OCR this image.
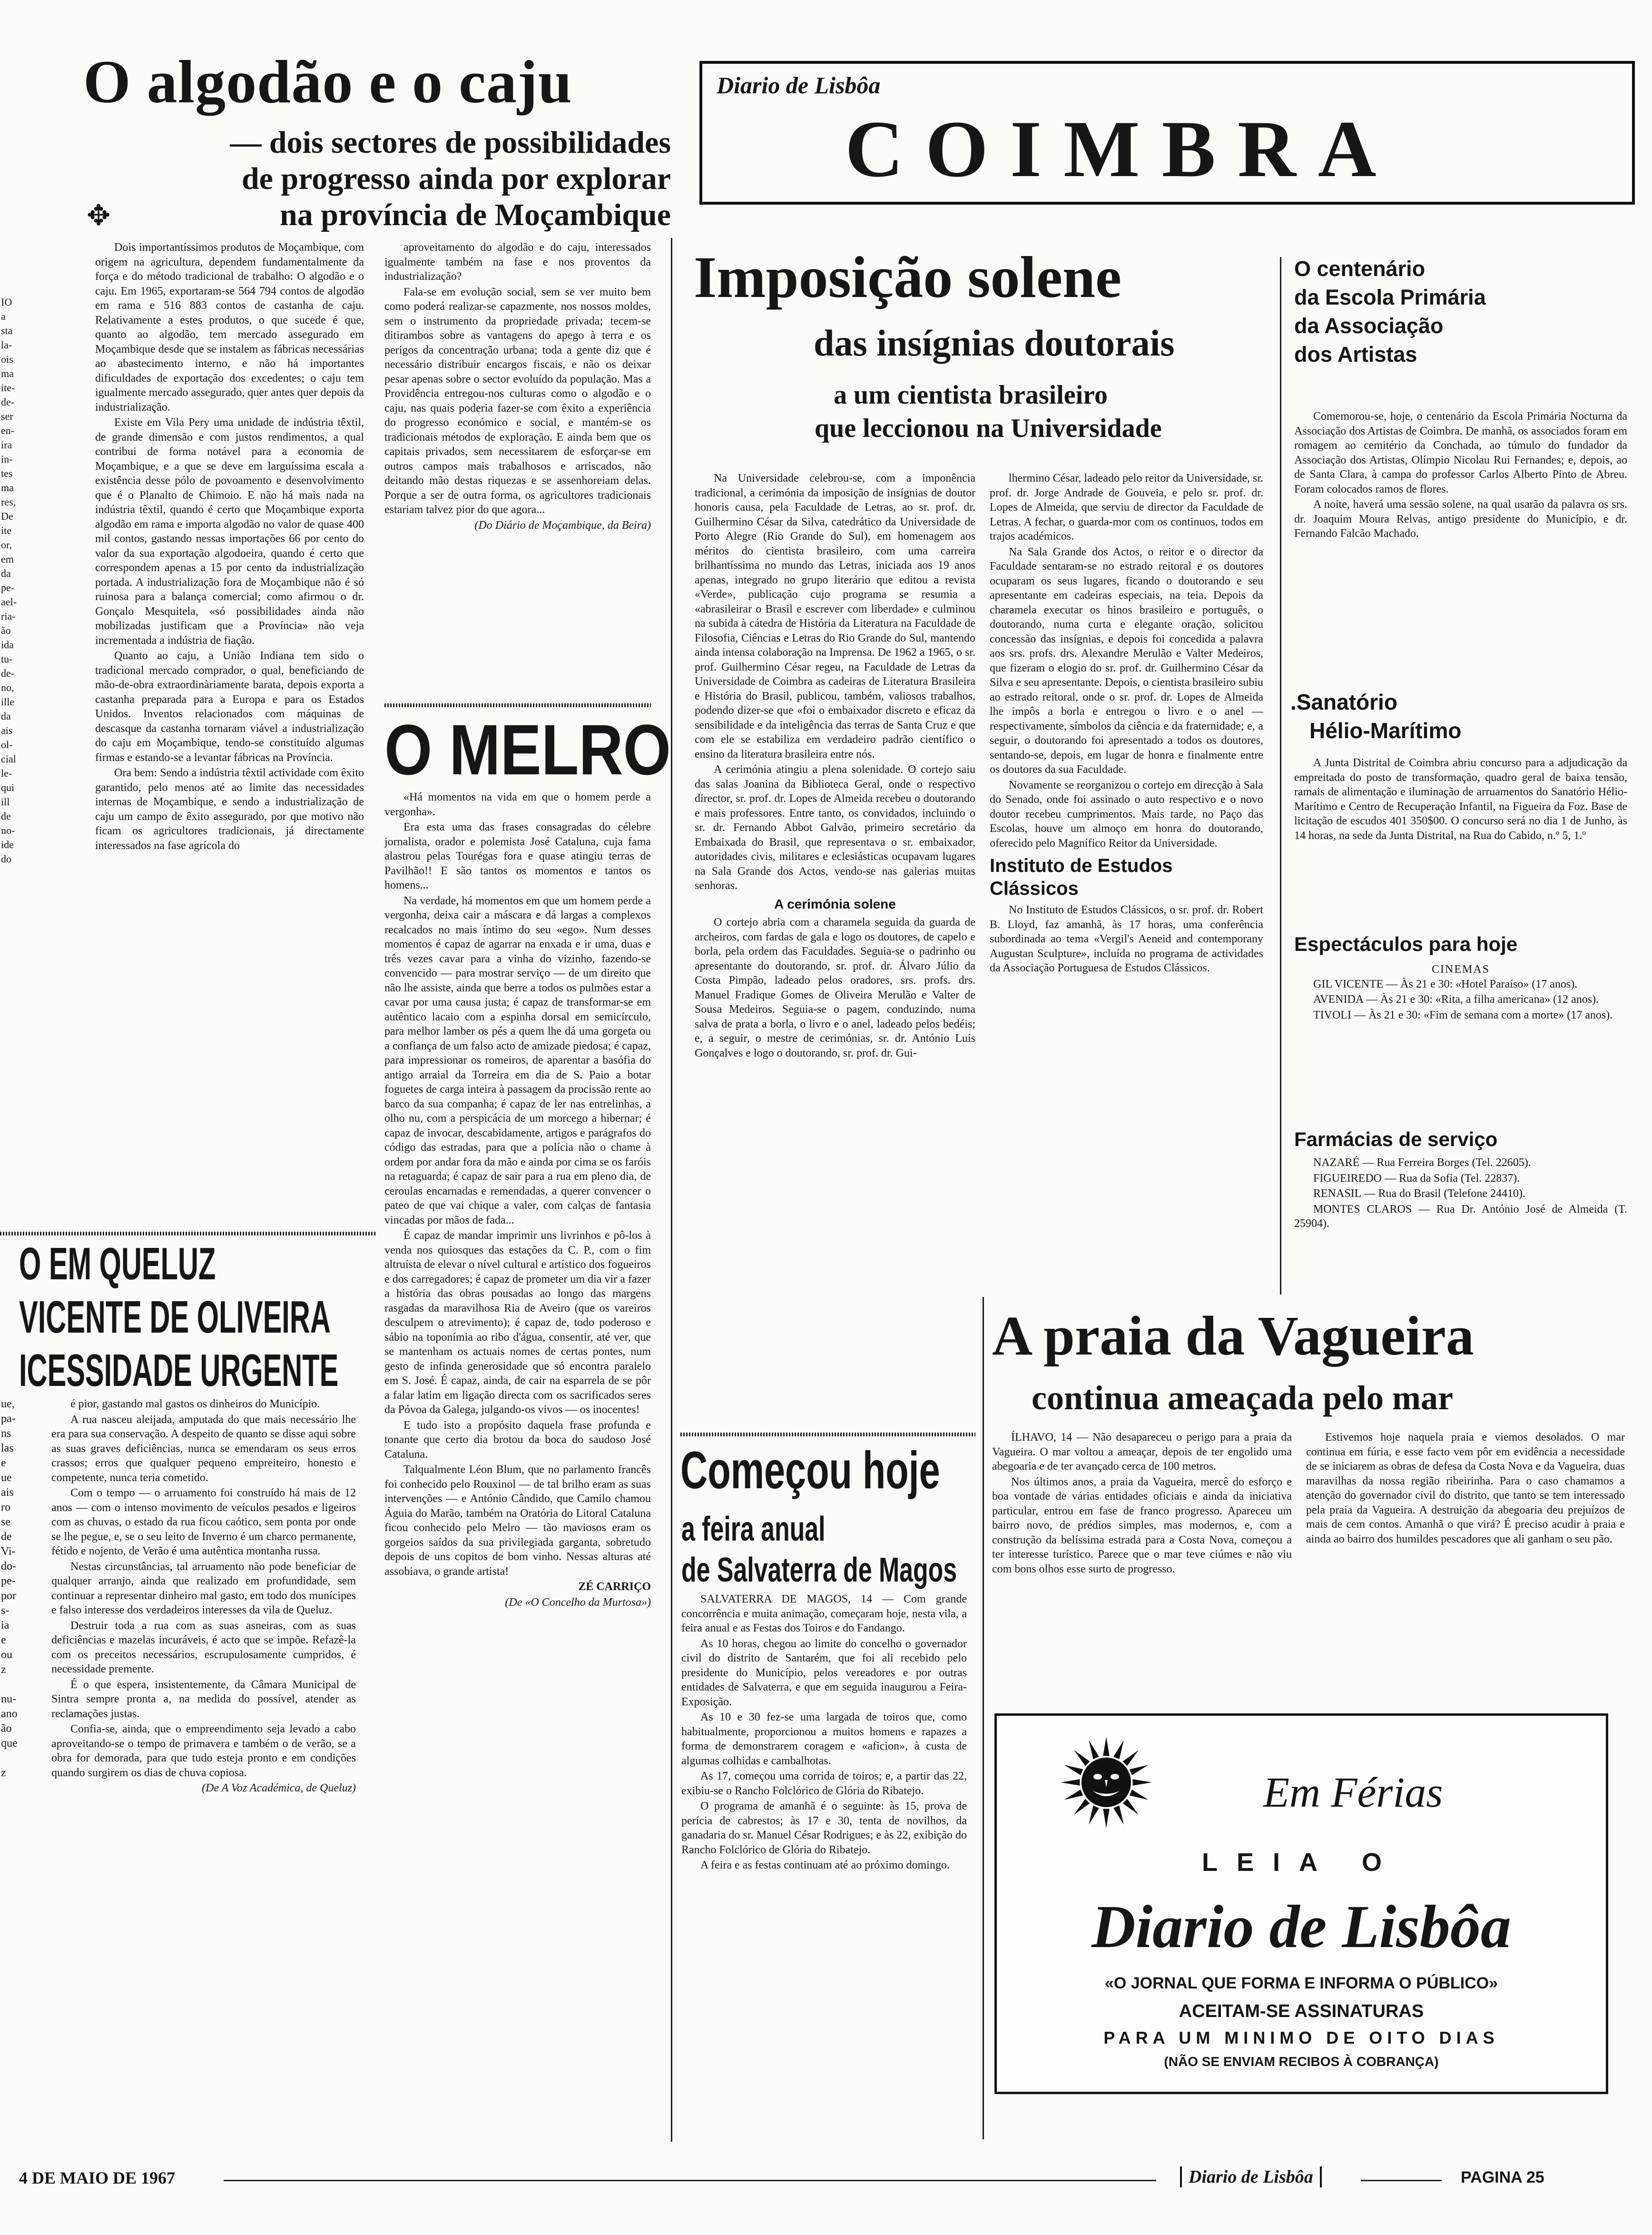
IO
a
sta
la-
ois
ma
ite-
de-
ser
en-
ira
in-
tes
ma
res,
De
ite
or,
em
da
pe-
ael-
ria-
ão
ida
tu-
de-
no,
ille
da
ais
ol-
cial
le-
qui
ill
de
no-
ide
do
O algodão e o caju
— dois sectores de possibilidades
de progresso ainda por explorar
na província de Moçambique
✥

Dois importantíssimos produtos de Moçambique, com origem na agricultura, dependem fundamentalmente da força e do método tradicional de trabalho: O algodão e o caju. Em 1965, exportaram-se 564 794 contos de algodão em rama e 516 883 contos de castanha de caju. Relativamente a estes produtos, o que sucede é que, quanto ao algodão, tem mercado assegurado em Moçambique desde que se instalem as fábricas necessárias ao abastecimento interno, e não há importantes dificuldades de exportação dos excedentes; o caju tem igualmente mercado assegurado, quer antes quer depois da industrialização.

Existe em Vila Pery uma unidade de indústria têxtil, de grande dimensão e com justos rendimentos, a qual contribui de forma notável para a economia de Moçambique, e a que se deve em larguíssima escala a existência desse pólo de povoamento e desenvolvimento que é o Planalto de Chimoio. E não há mais nada na indústria têxtil, quando é certo que Moçambique exporta algodão em rama e importa algodão no valor de quase 400 mil contos, gastando nessas importações 66 por cento do valor da sua exportação algodoeira, quando é certo que correspondem apenas a 15 por cento da industrialização portada. A industrialização fora de Moçambique não é só ruinosa para a balança comercial; como afirmou o dr. Gonçalo Mesquitela, «só possibilidades ainda não mobilizadas justificam que a Província» não veja incrementada a indústria de fiação.

Quanto ao caju, a União Indiana tem sido o tradicional mercado comprador, o qual, beneficiando de mão-de-obra extraordinàriamente barata, depois exporta a castanha preparada para a Europa e para os Estados Unidos. Inventos relacionados com máquinas de descasque da castanha tornaram viável a industrialização do caju em Moçambique, tendo-se constituído algumas firmas e estando-se a levantar fábricas na Província.

Ora bem: Sendo a indústria têxtil actividade com êxito garantido, pelo menos até ao limite das necessidades internas de Moçambique, e sendo a industrialização de caju um campo de êxito assegurado, por que motivo não ficam os agricultores tradicionais, já directamente interessados na fase agrícola do

aproveitamento do algodão e do caju, interessados igualmente também na fase e nos proventos da industrialização?

Fala-se em evolução social, sem se ver muito bem como poderá realizar-se capazmente, nos nossos moldes, sem o instrumento da propriedade privada; tecem-se ditirambos sobre as vantagens do apego à terra e os perigos da concentração urbana; toda a gente diz que é necessário distribuir encargos fiscais, e não os deixar pesar apenas sobre o sector evoluído da população. Mas a Providência entregou-nos culturas como o algodão e o caju, nas quais poderia fazer-se com êxito a experiência do progresso económico e social, e mantém-se os tradicionais métodos de exploração. E ainda bem que os capitais privados, sem necessitarem de esforçar-se em outros campos mais trabalhosos e arriscados, não deitando mão destas riquezas e se assenhoreiam delas. Porque a ser de outra forma, os agricultores tradicionais estariam talvez pior do que agora...

(Do Diário de Moçambique, da Beira)

O MELRO

«Há momentos na vida em que o homem perde a vergonha».

Era esta uma das frases consagradas do célebre jornalista, orador e polemista José Cataluna, cuja fama alastrou pelas Tourégas fora e quase atingiu terras de Pavilhão!! E são tantos os momentos e tantos os homens...

Na verdade, há momentos em que um homem perde a vergonha, deixa cair a máscara e dá largas a complexos recalcados no mais íntimo do seu «ego». Num desses momentos é capaz de agarrar na enxada e ir uma, duas e três vezes cavar para a vinha do vizinho, fazendo-se convencido — para mostrar serviço — de um direito que não lhe assiste, ainda que berre a todos os pulmões estar a cavar por uma causa justa; é capaz de transformar-se em autêntico lacaio com a espinha dorsal em semicírculo, para melhor lamber os pés a quem lhe dá uma gorgeta ou a confiança de um falso acto de amizade piedosa; é capaz, para impressionar os romeiros, de aparentar a basófia do antigo arraial da Torreira em dia de S. Paio a botar foguetes de carga inteira à passagem da procissão rente ao barco da sua companha; é capaz de ler nas entrelinhas, a olho nu, com a perspicácia de um morcego a hibernar; é capaz de invocar, descabidamente, artigos e parágrafos do código das estradas, para que a polícia não o chame à ordem por andar fora da mão e ainda por cima se os faróis na retaguarda; é capaz de sair para a rua em pleno dia, de ceroulas encarnadas e remendadas, a querer convencer o pateo de que vai chique a valer, com calças de fantasia vincadas por mãos de fada...

É capaz de mandar imprimir uns livrinhos e pô-los à venda nos quiosques das estações da C. P., com o fim altruísta de elevar o nível cultural e artístico dos fogueiros e dos carregadores; é capaz de prometer um dia vir a fazer a história das obras pousadas ao longo das margens rasgadas da maravilhosa Ria de Aveiro (que os vareiros desculpem o atrevimento); é capaz de, todo poderoso e sábio na toponímia ao ribo d'água, consentir, até ver, que se mantenham os actuais nomes de certas pontes, num gesto de infinda generosidade que só encontra paralelo em S. José. É capaz, ainda, de cair na esparrela de se pôr a falar latim em ligação directa com os sacrificados seres da Póvoa da Galega, julgando-os vivos — os inocentes!

E tudo isto a propósito daquela frase profunda e tonante que certo dia brotou da boca do saudoso José Cataluna.

Talqualmente Léon Blum, que no parlamento francês foi conhecido pelo Rouxinol — de tal brilho eram as suas intervenções — e António Cândido, que Camilo chamou Águia do Marão, também na Oratória do Litoral Cataluna ficou conhecido pelo Melro — tão maviosos eram os gorgeios saídos da sua privilegiada garganta, sobretudo depois de uns copitos de bom vinho. Nessas alturas até assobiava, o grande artista!

ZÉ CARRIÇO

(De «O Concelho da Murtosa»)

O EM QUELUZ
VICENTE DE OLIVEIRA
ICESSIDADE URGENTE
ue,
pa-
ns
las
e
ue
ais
ro
se
de
Vi-
do-
pe-
por
s-
ia
e
ou
z

nu-
ano
ão
que

z

é pior, gastando mal gastos os dinheiros do Município.

A rua nasceu aleijada, amputada do que mais necessário lhe era para sua conservação. A despeito de quanto se disse aqui sobre as suas graves deficiências, nunca se emendaram os seus erros crassos; erros que qualquer pequeno empreiteiro, honesto e competente, nunca teria cometido.

Com o tempo — o arruamento foi construído há mais de 12 anos — com o intenso movimento de veículos pesados e ligeiros com as chuvas, o estado da rua ficou caótico, sem ponta por onde se lhe pegue, e, se o seu leito de Inverno é um charco permanente, fétido e nojento, de Verão é uma autêntica montanha russa.

Nestas circunstâncias, tal arruamento não pode beneficiar de qualquer arranjo, ainda que realizado em profundidade, sem continuar a representar dinheiro mal gasto, em todo dos munícipes e falso interesse dos verdadeiros interesses da vila de Queluz.

Destruir toda a rua com as suas asneiras, com as suas deficiências e mazelas incuráveis, é acto que se impõe. Refazê-la com os preceitos necessários, escrupulosamente cumpridos, é necessidade premente.

É o que espera, insistentemente, da Câmara Municipal de Sintra sempre pronta a, na medida do possível, atender as reclamações justas.

Confia-se, ainda, que o empreendimento seja levado a cabo aproveitando-se o tempo de primavera e também o de verão, se a obra for demorada, para que tudo esteja pronto e em condições quando surgirem os dias de chuva copiosa.

(De A Voz Académica, de Queluz)

Diario de Lisbôa
COIMBRA
Imposição solene
das insígnias doutorais
a um cientista brasileiro
que leccionou na Universidade

Na Universidade celebrou-se, com a imponência tradicional, a cerimónia da imposição de insígnias de doutor honoris causa, pela Faculdade de Letras, ao sr. prof. dr. Guilhermino César da Silva, catedrático da Universidade de Porto Alegre (Rio Grande do Sul), em homenagem aos méritos do cientista brasileiro, com uma carreira brilhantíssima no mundo das Letras, iniciada aos 19 anos apenas, integrado no grupo literário que editou a revista «Verde», publicação cujo programa se resumia a «abrasileirar o Brasil e escrever com liberdade» e culminou na subida à cátedra de História da Literatura na Faculdade de Filosofia, Ciências e Letras do Rio Grande do Sul, mantendo ainda intensa colaboração na Imprensa. De 1962 a 1965, o sr. prof. Guilhermino César regeu, na Faculdade de Letras da Universidade de Coimbra as cadeiras de Literatura Brasileira e História do Brasil, publicou, também, valiosos trabalhos, podendo dizer-se que «foi o embaixador discreto e eficaz da sensibilidade e da inteligência das terras de Santa Cruz e que com ele se estabiliza em verdadeiro padrão científico o ensino da literatura brasileira entre nós.

A cerimónia atingiu a plena solenidade. O cortejo saiu das salas Joanina da Biblioteca Geral, onde o respectivo director, sr. prof. dr. Lopes de Almeida recebeu o doutorando e mais professores. Entre tanto, os convidados, incluindo o sr. dr. Fernando Abbot Galvão, primeiro secretário da Embaixada do Brasil, que representava o sr. embaixador, autoridades civis, militares e eclesiásticas ocupavam lugares na Sala Grande dos Actos, vendo-se nas galerias muitas senhoras.

A cerimónia solene

O cortejo abria com a charamela seguida da guarda de archeiros, com fardas de gala e logo os doutores, de capelo e borla, pela ordem das Faculdades. Seguia-se o padrinho ou apresentante do doutorando, sr. prof. dr. Álvaro Júlio da Costa Pimpão, ladeado pelos oradores, srs. profs. drs. Manuel Fradique Gomes de Oliveira Merulão e Valter de Sousa Medeiros. Seguia-se o pagem, conduzindo, numa salva de prata a borla, o livro e o anel, ladeado pelos bedéis; e, a seguir, o mestre de cerimónias, sr. dr. António Luís Gonçalves e logo o doutorando, sr. prof. dr. Gui-

lhermino César, ladeado pelo reitor da Universidade, sr. prof. dr. Jorge Andrade de Gouveia, e pelo sr. prof. dr. Lopes de Almeida, que serviu de director da Faculdade de Letras. A fechar, o guarda-mor com os continuos, todos em trajos académicos.

Na Sala Grande dos Actos, o reitor e o director da Faculdade sentaram-se no estrado reitoral e os doutores ocuparam os seus lugares, ficando o doutorando e seu apresentante em cadeiras especiais, na teia. Depois da charamela executar os hinos brasileiro e português, o doutorando, numa curta e elegante oração, solicitou concessão das insígnias, e depois foi concedida a palavra aos srs. profs. drs. Alexandre Merulão e Valter Medeiros, que fizeram o elogio do sr. prof. dr. Guilhermino César da Silva e seu apresentante. Depois, o cientista brasileiro subiu ao estrado reitoral, onde o sr. prof. dr. Lopes de Almeida lhe impôs a borla e entregou o livro e o anel — respectivamente, símbolos da ciência e da fraternidade; e, a seguir, o doutorando foi apresentado a todos os doutores, sentando-se, depois, em lugar de honra e finalmente entre os doutores da sua Faculdade.

Novamente se reorganizou o cortejo em direcção à Sala do Senado, onde foi assinado o auto respectivo e o novo doutor recebeu cumprimentos. Mais tarde, no Paço das Escolas, houve um almoço em honra do doutorando, oferecido pelo Magnífico Reitor da Universidade.

Instituto de Estudos Clássicos

No Instituto de Estudos Clássicos, o sr. prof. dr. Robert B. Lloyd, faz amanhã, às 17 horas, uma conferência subordinada ao tema «Vergil's Aeneid and contemporany Augustan Sculpture», incluída no programa de actividades da Associação Portuguesa de Estudos Clássicos.

O centenário
da Escola Primária
da Associação
dos Artistas

Comemorou-se, hoje, o centenário da Escola Primária Nocturna da Associação dos Artistas de Coimbra. De manhã, os associados foram em romagem ao cemitério da Conchada, ao túmulo do fundador da Associação dos Artistas, Olímpio Nicolau Rui Fernandes; e, depois, ao de Santa Clara, à campa do professor Carlos Alberto Pinto de Abreu. Foram colocados ramos de flores.

A noite, haverá uma sessão solene, na qual usarão da palavra os srs. dr. Joaquim Moura Relvas, antigo presidente do Município, e dr. Fernando Falcão Machado.

.Sanatório
Hélio-Marítimo

A Junta Distrital de Coimbra abriu concurso para a adjudicação da empreitada do posto de transformação, quadro geral de baixa tensão, ramais de alimentação e iluminação de arruamentos do Sanatório Hélio-Marítimo e Centro de Recuperação Infantil, na Figueira da Foz. Base de licitação de escudos 401 350$00. O concurso será no dia 1 de Junho, às 14 horas, na sede da Junta Distrital, na Rua do Cabido, n.º 5, 1.º

Espectáculos para hoje
CINEMAS

GIL VICENTE — Às 21 e 30: «Hotel Paraíso» (17 anos).

AVENIDA — Às 21 e 30: «Rita, a filha americana» (12 anos).

TIVOLI — Às 21 e 30: «Fim de semana com a morte» (17 anos).

Farmácias de serviço

NAZARÉ — Rua Ferreira Borges (Tel. 22605).

FIGUEIREDO — Rua da Sofia (Tel. 22837).

RENASIL — Rua do Brasil (Telefone 24410).

MONTES CLAROS — Rua Dr. António José de Almeida (T. 25904).

A praia da Vagueira
continua ameaçada pelo mar

ÍLHAVO, 14 — Não desapareceu o perigo para a praia da Vagueira. O mar voltou a ameaçar, depois de ter engolido uma abegoaria e de ter avançado cerca de 100 metros.

Nos últimos anos, a praia da Vagueira, mercê do esforço e boa vontade de várias entidades oficiais e ainda da iniciativa particular, entrou em fase de franco progresso. Apareceu um bairro novo, de prédios simples, mas modernos, e, com a construção da belíssima estrada para a Costa Nova, começou a ter interesse turístico. Parece que o mar teve ciúmes e não viu com bons olhos esse surto de progresso.

Estivemos hoje naquela praia e viemos desolados. O mar continua em fúria, e esse facto vem pôr em evidência a necessidade de se iniciarem as obras de defesa da Costa Nova e da Vagueira, duas maravilhas da nossa região ribeirinha. Para o caso chamamos a atenção do governador civil do distrito, que tanto se tem interessado pela praia da Vagueira. A destruição da abegoaria deu prejuízos de mais de cem contos. Amanhã o que virá? É preciso acudir à praia e ainda ao bairro dos humildes pescadores que ali ganham o seu pão.

Começou hoje
a feira anual
de Salvaterra de Magos

SALVATERRA DE MAGOS, 14 — Com grande concorrência e muita animação, começaram hoje, nesta vila, a feira anual e as Festas dos Toiros e do Fandango.

As 10 horas, chegou ao limite do concelho o governador civil do distrito de Santarém, que foi ali recebido pelo presidente do Município, pelos vereadores e por outras entidades de Salvaterra, e que em seguida inaugurou a Feira-Exposição.

As 10 e 30 fez-se uma largada de toiros que, como habitualmente, proporcionou a muitos homens e rapazes a forma de demonstrarem coragem e «aficion», à custa de algumas colhidas e cambalhotas.

As 17, começou uma corrida de toiros; e, a partir das 22, exibiu-se o Rancho Folclórico de Glória do Ribatejo.

O programa de amanhã é o seguinte: às 15, prova de perícia de cabrestos; às 17 e 30, tenta de novilhos, da ganadaria do sr. Manuel César Rodrigues; e às 22, exibição do Rancho Folclórico de Glória do Ribatejo.

A feira e as festas continuam até ao próximo domingo.

Em Férias
LEIA O
Diario de Lisbôa
«O JORNAL QUE FORMA E INFORMA O PÚBLICO»
ACEITAM-SE ASSINATURAS
PARA UM MINIMO DE OITO DIAS
(NÃO SE ENVIAM RECIBOS À COBRANÇA)
4 DE MAIO DE 1967	Diario de Lisbôa	PAGINA 25
